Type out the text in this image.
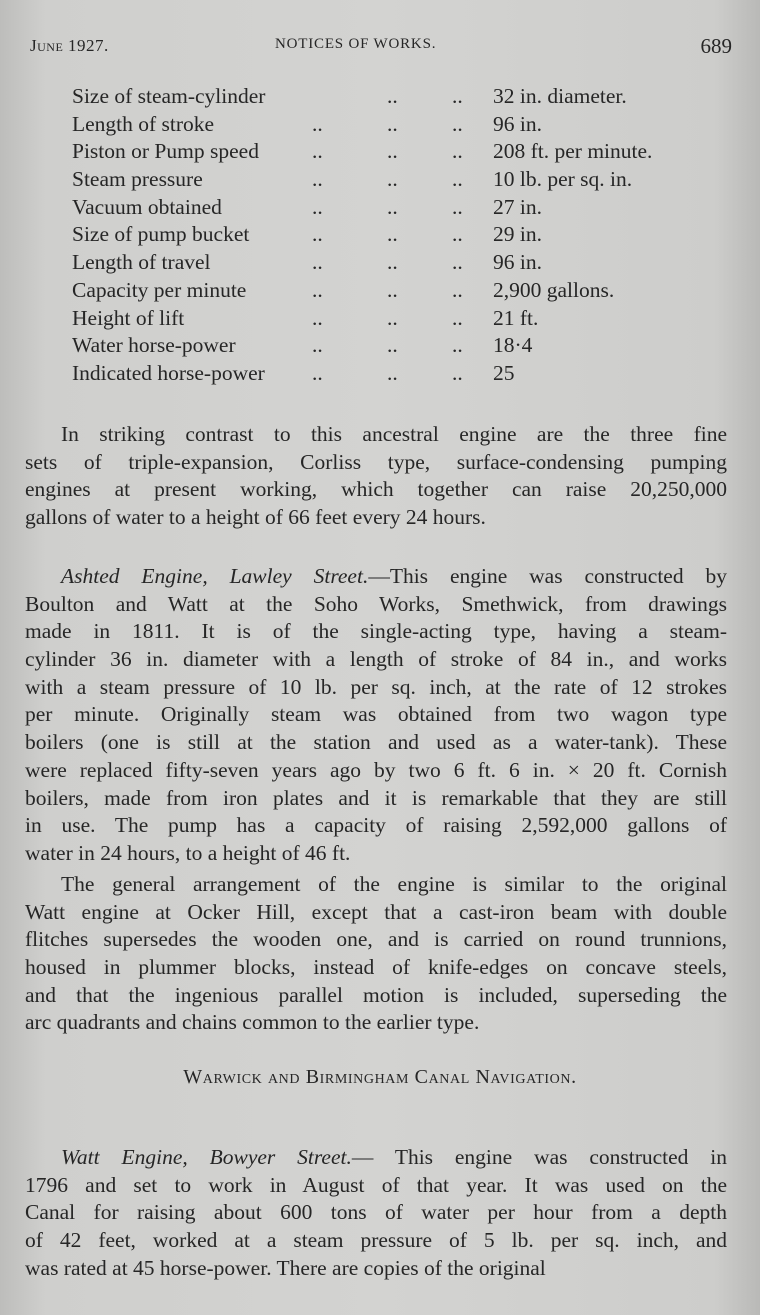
June 1927.	NOTICES OF WORKS.	689
Size of steam-cylinder	..	.. 32 in. diameter.
Length of stroke	..	..	.. 96 in.
Piston or Pump speed ..	..	.. 208 ft. per minute.
Steam pressure	..	..	.. 10 lb. per sq. in.
Vacuum obtained	..	..	.. 27 in.
Size of pump bucket	..	..	.. 29 in.
Length of travel	..	..	.. 96 in.
Capacity per minute	..	..	.. 2,900 gallons.
Height of lift	..	..	.. 21 ft.
Water horse-power	..	..	.. 18·4
Indicated horse-power ..	..	.. 25
In striking contrast to this ancestral engine are the three fine
sets of triple-expansion, Corliss type, surface-condensing pumping
engines at present working, which together can raise 20,250,000
gallons of water to a height of 66 feet every 24 hours.
Ashted Engine, Lawley Street.—This engine was constructed by
Boulton and Watt at the Soho Works, Smethwick, from drawings
made in 1811. It is of the single-acting type, having a steam-
cylinder 36 in. diameter with a length of stroke of 84 in., and works
with a steam pressure of 10 lb. per sq. inch, at the rate of 12 strokes
per minute. Originally steam was obtained from two wagon type
boilers (one is still at the station and used as a water-tank). These
were replaced fifty-seven years ago by two 6 ft. 6 in. × 20 ft. Cornish
boilers, made from iron plates and it is remarkable that they are still
in use. The pump has a capacity of raising 2,592,000 gallons of
water in 24 hours, to a height of 46 ft.
The general arrangement of the engine is similar to the original
Watt engine at Ocker Hill, except that a cast-iron beam with double
flitches supersedes the wooden one, and is carried on round trunnions,
housed in plummer blocks, instead of knife-edges on concave steels,
and that the ingenious parallel motion is included, superseding the
arc quadrants and chains common to the earlier type.
Warwick and Birmingham Canal Navigation.
Watt Engine, Bowyer Street.— This engine was constructed in
1796 and set to work in August of that year. It was used on the
Canal for raising about 600 tons of water per hour from a depth
of 42 feet, worked at a steam pressure of 5 lb. per sq. inch, and
was rated at 45 horse-power. There are copies of the original
